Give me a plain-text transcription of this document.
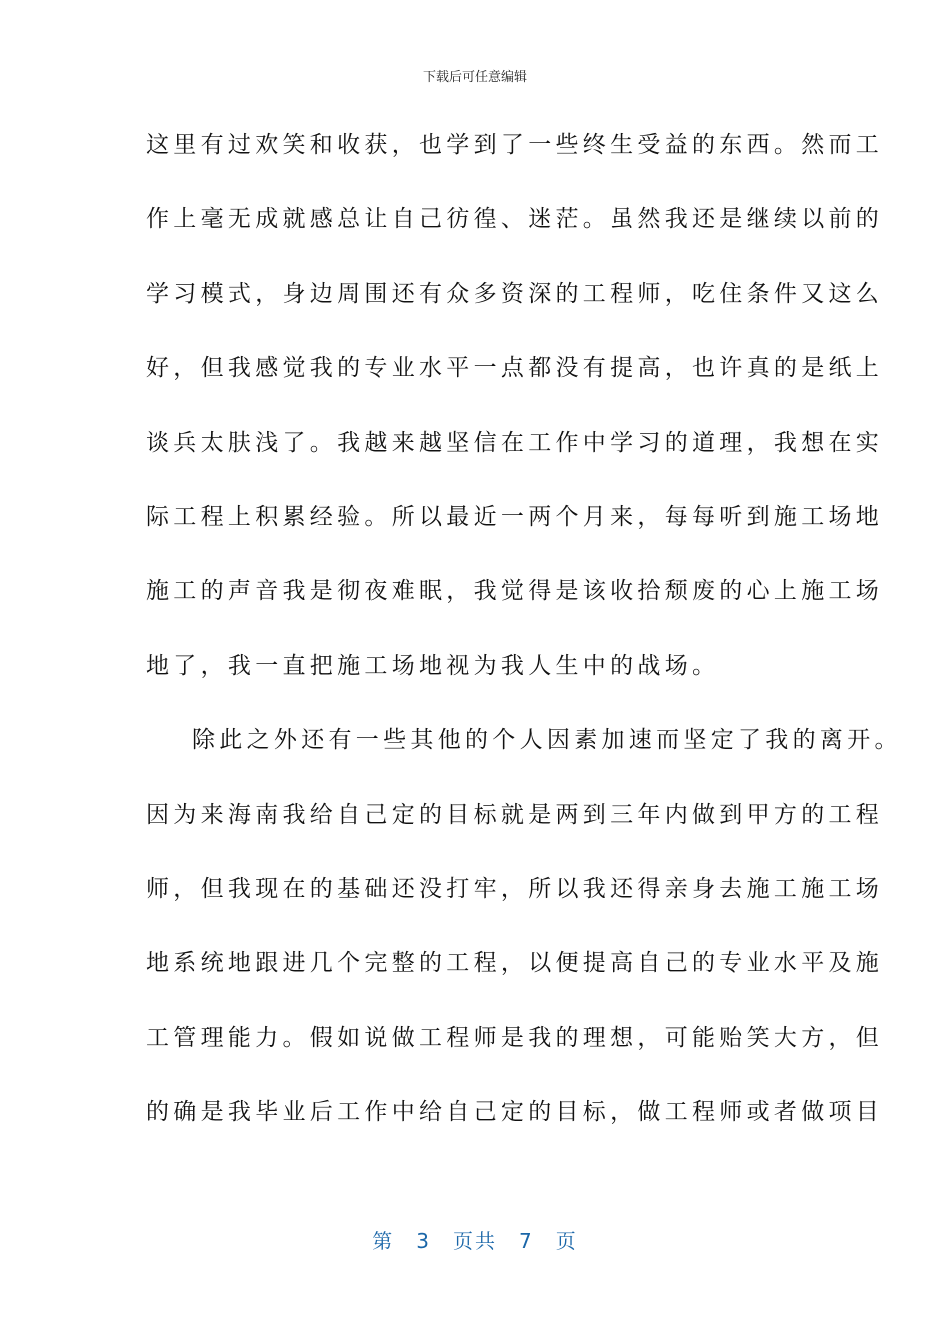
下载后可任意编辑
这里有过欢笑和收获，也学到了一些终生受益的东西。然而工
作上毫无成就感总让自己彷徨、迷茫。虽然我还是继续以前的
学习模式，身边周围还有众多资深的工程师，吃住条件又这么
好，但我感觉我的专业水平一点都没有提高，也许真的是纸上
谈兵太肤浅了。我越来越坚信在工作中学习的道理，我想在实
际工程上积累经验。所以最近一两个月来，每每听到施工场地
施工的声音我是彻夜难眠，我觉得是该收拾颓废的心上施工场
地了，我一直把施工场地视为我人生中的战场。
除此之外还有一些其他的个人因素加速而坚定了我的离开。
因为来海南我给自己定的目标就是两到三年内做到甲方的工程
师，但我现在的基础还没打牢，所以我还得亲身去施工施工场
地系统地跟进几个完整的工程，以便提高自己的专业水平及施
工管理能力。假如说做工程师是我的理想，可能贻笑大方，但
的确是我毕业后工作中给自己定的目标，做工程师或者做项目
第 3 页共 7 页
